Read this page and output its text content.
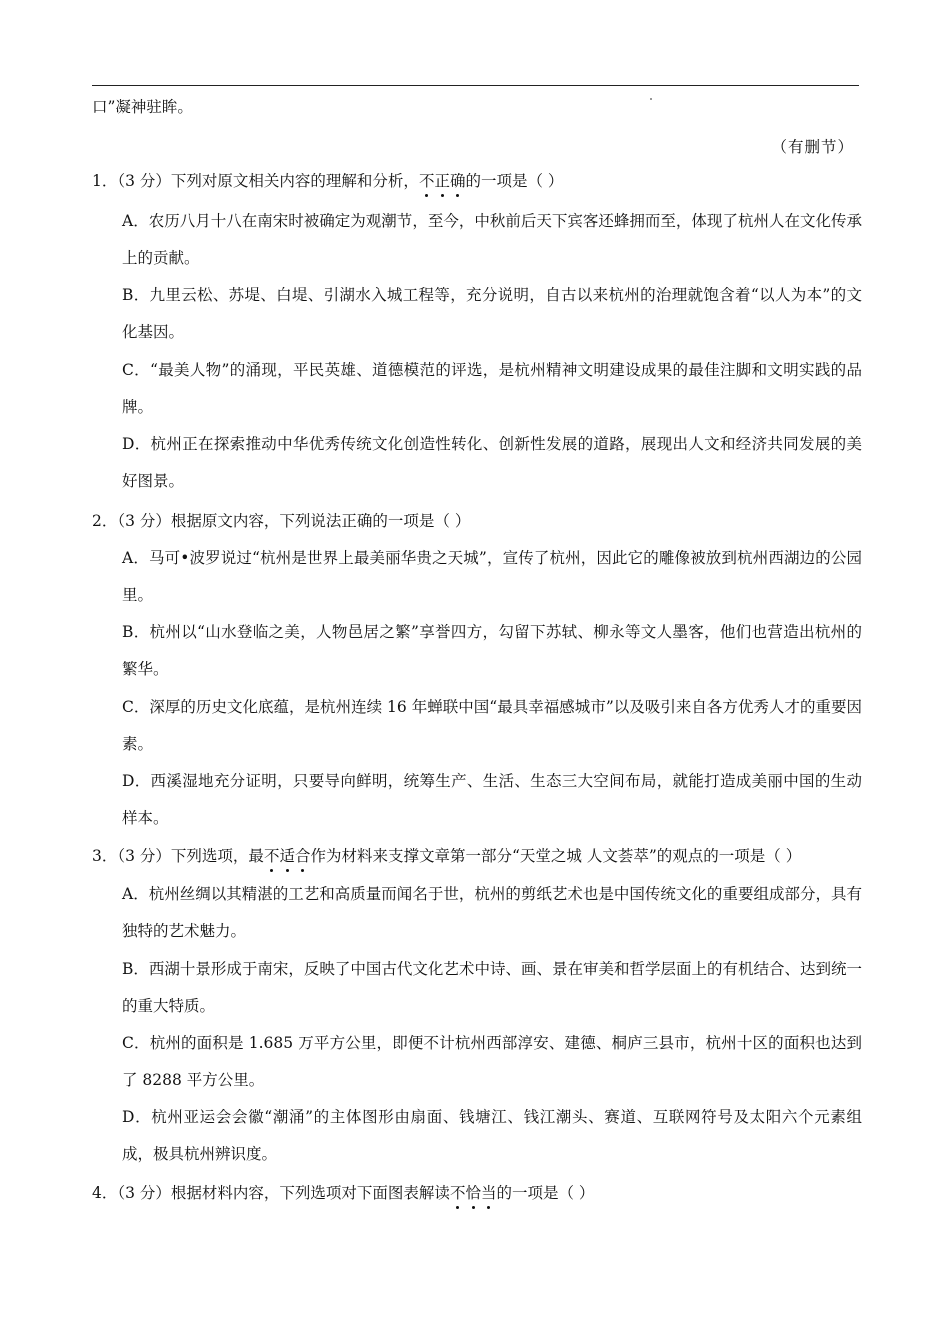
口”凝神驻眸。
（有删节）
1．（3 分）下列对原文相关内容的理解和分析，不正确的一项是（ ）
A．农历八月十八在南宋时被确定为观潮节，至今，中秋前后天下宾客还蜂拥而至，体现了杭州人在文化传承上的贡献。
B．九里云松、苏堤、白堤、引湖水入城工程等，充分说明，自古以来杭州的治理就饱含着“以人为本”的文化基因。
C．“最美人物”的涌现，平民英雄、道德模范的评选，是杭州精神文明建设成果的最佳注脚和文明实践的品牌。
D．杭州正在探索推动中华优秀传统文化创造性转化、创新性发展的道路，展现出人文和经济共同发展的美好图景。
2．（3 分）根据原文内容，下列说法正确的一项是（ ）
A．马可•波罗说过“杭州是世界上最美丽华贵之天城”，宣传了杭州，因此它的雕像被放到杭州西湖边的公园里。
B．杭州以“山水登临之美，人物邑居之繁”享誉四方，勾留下苏轼、柳永等文人墨客，他们也营造出杭州的繁华。
C．深厚的历史文化底蕴，是杭州连续 16 年蝉联中国“最具幸福感城市”以及吸引来自各方优秀人才的重要因素。
D．西溪湿地充分证明，只要导向鲜明，统筹生产、生活、生态三大空间布局，就能打造成美丽中国的生动样本。
3．（3 分）下列选项，最不适合作为材料来支撑文章第一部分“天堂之城 人文荟萃”的观点的一项是（ ）
A．杭州丝绸以其精湛的工艺和高质量而闻名于世，杭州的剪纸艺术也是中国传统文化的重要组成部分，具有独特的艺术魅力。
B．西湖十景形成于南宋，反映了中国古代文化艺术中诗、画、景在审美和哲学层面上的有机结合、达到统一的重大特质。
C．杭州的面积是 1.685 万平方公里，即便不计杭州西部淳安、建德、桐庐三县市，杭州十区的面积也达到了 8288 平方公里。
D．杭州亚运会会徽“潮涌”的主体图形由扇面、钱塘江、钱江潮头、赛道、互联网符号及太阳六个元素组成，极具杭州辨识度。
4．（3 分）根据材料内容，下列选项对下面图表解读不恰当的一项是（ ）
